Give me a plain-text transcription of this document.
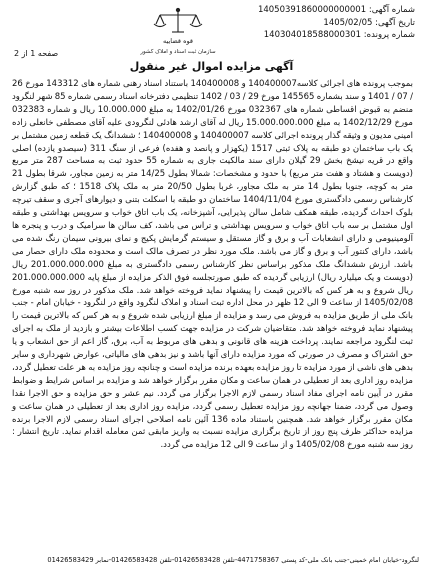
شماره آگهی: 14050391860000000001
تاریخ آگهی: 1405/02/05
شماره پرونده: 140304018588000301
قوه قضاییه
سازمان ثبت اسناد و املاک کشور
صفحه 1 از 2
آگهی مزایده اموال غیر منقول
بموجب پرونده های اجرائی کلاسه140400007 و 140400008 باستناد اسناد رهنی شماره های 143312 مورخ 26 / 07 / 1401 و سند بشماره 145565 مورخ 29 / 03 / 1402 تنظیمی دفترخانه اسناد رسمی شماره 85 شهر لنگرود منضم به قبوض اقساطی شماره های 032367 مورخ 1402/01/26 به مبلغ 10.000.000 ریال و شماره 032383 مورخ 1402/12/29 به مبلغ 15.000.000.000 ریال له آقای ارشد هادئی لنگرودی علیه آقای مصطفی خانعلی زاده امینی مدیون و وثیقه گذار پرونده اجرائی کلاسه 140400007 و 140400008 ؛ ششدانگ یک قطعه زمین مشتمل بر یک باب ساختمان دو طبقه به پلاک ثبتی 1517 (یکهزار و پانصد و هفده) فرعی از سنگ 311 (سیصدو یازده) اصلی واقع در قریه نیشخ بخش 29 گیلان دارای سند مالکیت جاری به شماره 55 حدود ثبت به مساحت 287 متر مربع (دویست و هشتاد و هفت متر مربع) با حدود و مشخصات: شمالا بطول 14/25 متر به زمین مجاور، شرقا بطول 21 متر به کوچه، جنوبا بطول 14 متر به ملک مجاور، غربا بطول 20/50 متر به ملک پلاک 1518 ؛ که طبق گزارش کارشناس رسمی دادگستری مورخ 1404/11/04 ساختمان دو طبقه با اسکلت بتنی و دیوارهای آجری و سقف تیرچه بلوک احداث گردیده، طبقه همکف شامل سالن پذیرایی، آشپزخانه، یک باب اتاق خواب و سرویس بهداشتی و طبقه اول مشتمل بر سه باب اتاق خواب و سرویس بهداشتی و تراس می باشد، کف سالن ها سرامیک و درب و پنجره ها آلومینیومی و دارای انشعابات آب و برق و گاز مستقل و سیستم گرمایش پکیج و نمای بیرونی سیمان رنگ شده می باشد، دارای کنتور آب و برق و گاز می باشد. ملک مورد نظر در تصرف مالک است و محدوده ملک دارای حصار می باشد. ارزش ششدانگ ملک مذکور براساس نظر کارشناس رسمی دادگستری به مبلغ 201.000.000.000 ریال (دویست و یک میلیارد ریال) ارزیابی گردیده که طبق صورتجلسه فوق الذکر مزایده از مبلغ پایه 201.000.000.000 ریال شروع و به هر کس که بالاترین قیمت را پیشنهاد نماید فروخته خواهد شد. ملک مذکور در روز سه شنبه مورخ 1405/02/08 از ساعت 9 الی 12 ظهر در محل اداره ثبت اسناد و املاک لنگرود واقع در لنگرود - خیابان امام - جنب بانک ملی از طریق مزایده به فروش می رسد و مزایده از مبلغ ارزیابی شده شروع و به هر کس که بالاترین قیمت را پیشنهاد نماید فروخته خواهد شد. متقاضیان شرکت در مزایده جهت کسب اطلاعات بیشتر و بازدید از ملک به اجرای ثبت لنگرود مراجعه نمایند. پرداخت هزینه های قانونی و بدهی های مربوط به آب، برق، گاز اعم از حق انشعاب و یا حق اشتراک و مصرف در صورتی که مورد مزایده دارای آنها باشد و نیز بدهی های مالیاتی، عوارض شهرداری و سایر بدهی های ناشی از مورد مزایده تا روز مزایده بعهده برنده مزایده است و چنانچه روز مزایده به هر علت تعطیل گردد، مزایده روز اداری بعد از تعطیلی در همان ساعت و مکان مقرر برگزار خواهد شد و مزایده بر اساس شرایط و ضوابط مقرر در آیین نامه اجرای مفاد اسناد رسمی لازم الاجرا برگزار می گردد. نیم عشر و حق مزایده و حق الاجرا نقدا وصول می گردد، ضمنا جهانچه روز مزایده تعطیل رسمی گردد، مزایده روز اداری بعد از تعطیلی در همان ساعت و مکان مقرر برگزار خواهد شد. همچنین باستناد ماده 136 آئین نامه اصلاحی اجرای اسناد رسمی لازم الاجرا برنده مزایده حداکثر ظرف پنج روز از تاریخ برگزاری مزایده نسبت به واریز مابقی ثمن معامله اقدام نماید. تاریخ انتشار : روز سه شنبه مورخ 1405/02/08 و از ساعت 9 الی 12 مزایده می گردد.
لنگرود-خیابان امام خمینی-جنب بانک ملی-کد پستی 4471758367-تلفن 01426583428-تلفن 01426583428-نمابر 01426583429
